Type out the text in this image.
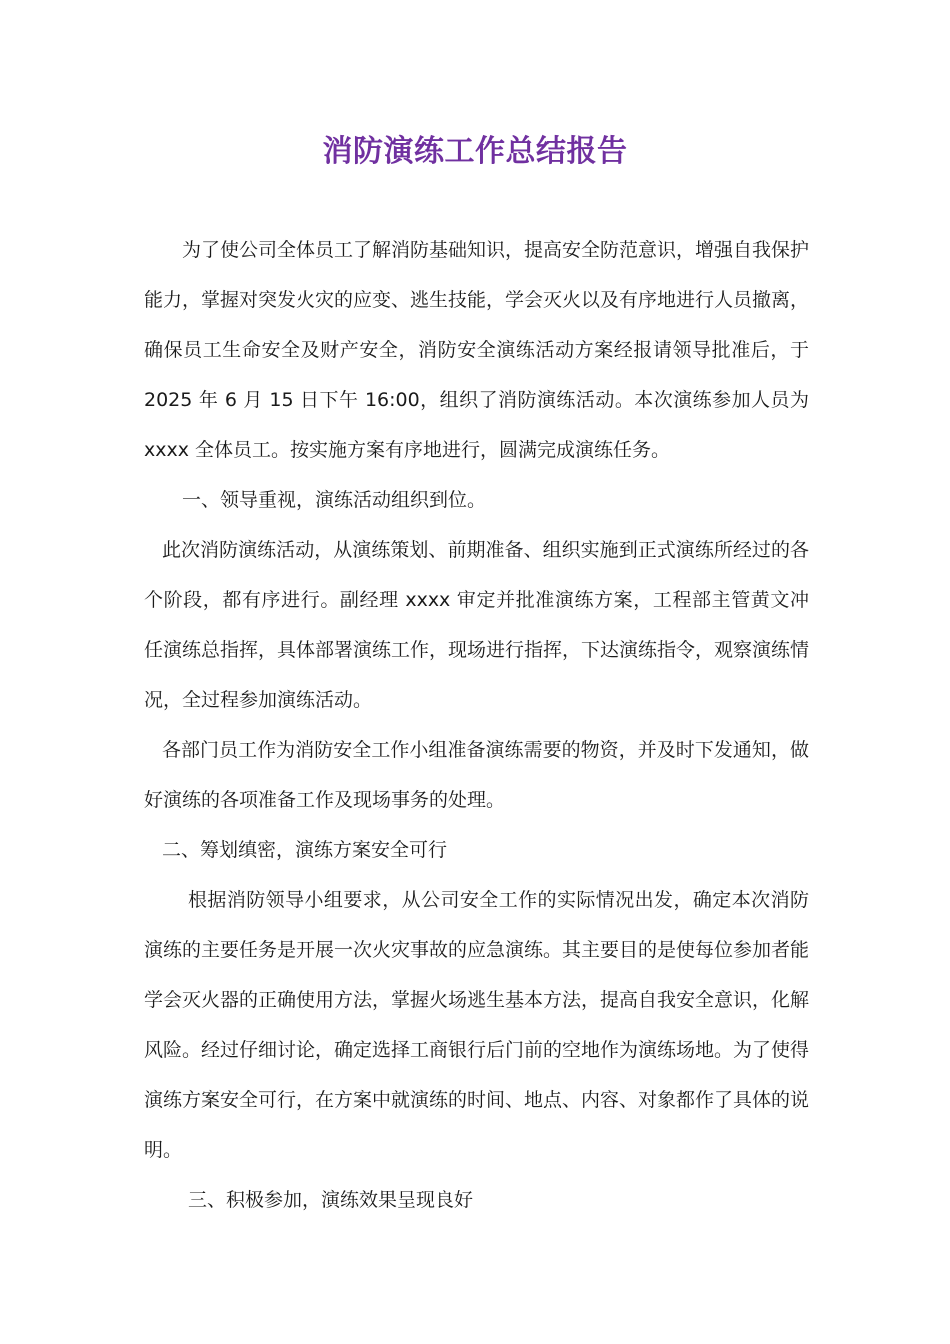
消防演练工作总结报告

为了使公司全体员工了解消防基础知识，提高安全防范意识，增强自我保护能力，掌握对突发火灾的应变、逃生技能，学会灭火以及有序地进行人员撤离，确保员工生命安全及财产安全，消防安全演练活动方案经报请领导批准后，于 2025 年 6 月 15 日下午 16:00，组织了消防演练活动。本次演练参加人员为 xxxx 全体员工。按实施方案有序地进行，圆满完成演练任务。

一、领导重视，演练活动组织到位。

此次消防演练活动，从演练策划、前期准备、组织实施到正式演练所经过的各个阶段，都有序进行。副经理 xxxx 审定并批准演练方案，工程部主管黄文冲任演练总指挥，具体部署演练工作，现场进行指挥，下达演练指令，观察演练情况，全过程参加演练活动。

各部门员工作为消防安全工作小组准备演练需要的物资，并及时下发通知，做好演练的各项准备工作及现场事务的处理。

二、筹划缜密，演练方案安全可行

根据消防领导小组要求，从公司安全工作的实际情况出发，确定本次消防演练的主要任务是开展一次火灾事故的应急演练。其主要目的是使每位参加者能学会灭火器的正确使用方法，掌握火场逃生基本方法，提高自我安全意识，化解风险。经过仔细讨论，确定选择工商银行后门前的空地作为演练场地。为了使得演练方案安全可行，在方案中就演练的时间、地点、内容、对象都作了具体的说明。

三、积极参加，演练效果呈现良好
